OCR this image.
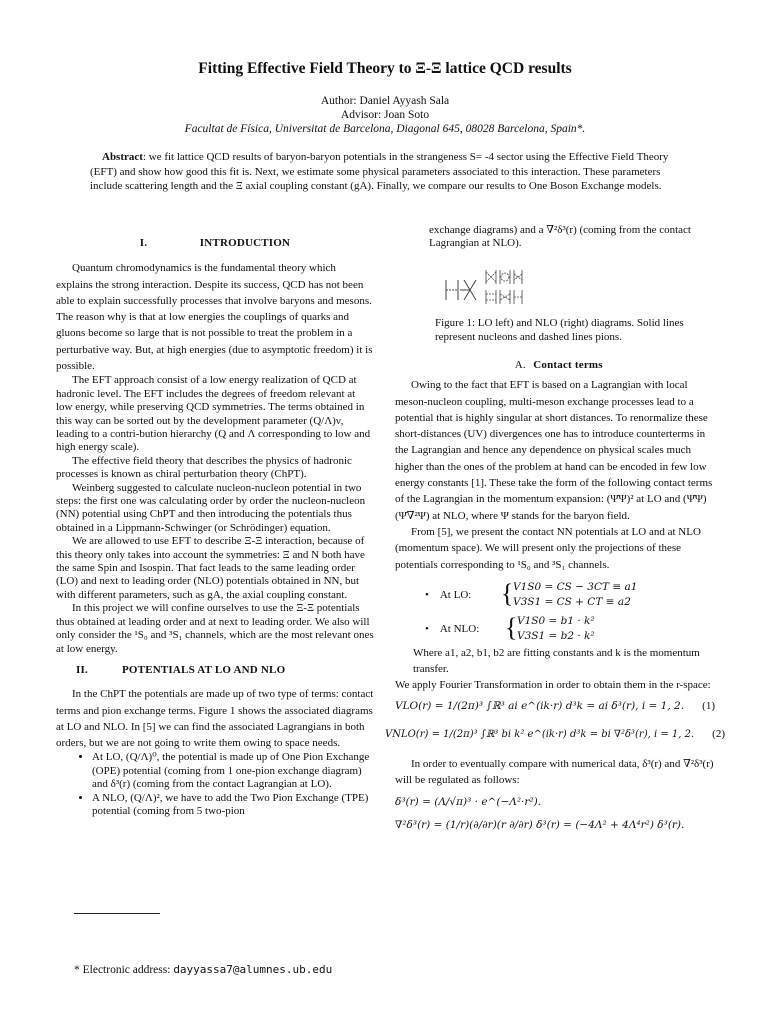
Fitting Effective Field Theory to Ξ-Ξ lattice QCD results
Author: Daniel Ayyash Sala
Advisor: Joan Soto
Facultat de Física, Universitat de Barcelona, Diagonal 645, 08028 Barcelona, Spain*.
Abstract: we fit lattice QCD results of baryon-baryon potentials in the strangeness S= -4 sector using the Effective Field Theory (EFT) and show how good this fit is. Next, we estimate some physical parameters associated to this interaction. These parameters include scattering length and the Ξ axial coupling constant (gA). Finally, we compare our results to One Boson Exchange models.
I.	INTRODUCTION

Quantum chromodynamics is the fundamental theory which explains the strong interaction. Despite its success, QCD has not been able to explain successfully processes that involve baryons and mesons. The reason why is that at low energies the couplings of quarks and gluons become so large that is not possible to treat the problem in a perturbative way. But, at high energies (due to asymptotic freedom) it is possible.

The EFT approach consist of a low energy realization of QCD at hadronic level. The EFT includes the degrees of freedom relevant at low energy, while preserving QCD symmetries. The terms obtained in this way can be sorted out by the development parameter (Q/Λ)ν, leading to a contri-bution hierarchy (Q and Λ corresponding to low and high energy scale).

The effective field theory that describes the physics of hadronic processes is known as chiral perturbation theory (ChPT).

Weinberg suggested to calculate nucleon-nucleon potential in two steps: the first one was calculating order by order the nucleon-nucleon (NN) potential using ChPT and then introducing the potentials thus obtained in a Lippmann-Schwinger (or Schrödinger) equation.

We are allowed to use EFT to describe Ξ-Ξ interaction, because of this theory only takes into account the symmetries: Ξ and N both have the same Spin and Isospin. That fact leads to the same leading order (LO) and next to leading order (NLO) potentials obtained in NN, but with different parameters, such as gA, the axial coupling constant.

In this project we will confine ourselves to use the Ξ-Ξ potentials thus obtained at leading order and at next to leading order. We also will only consider the ¹S₀ and ³S₁ channels, which are the most relevant ones at low energy.

II.	POTENTIALS AT LO AND NLO

In the ChPT the potentials are made up of two type of terms: contact terms and pion exchange terms. Figure 1 shows the associated diagrams at LO and NLO. In [5] we can find the associated Lagrangians in both orders, but we are not going to write them owing to space needs.

• At LO, (Q/Λ)⁰, the potential is made up of One Pion Exchange (OPE) potential (coming from 1 one-pion exchange diagram) and δ³(r) (coming from the contact Lagrangian at LO).
• A NLO, (Q/Λ)², we have to add the Two Pion Exchange (TPE) potential (coming from 5 two-pion
* Electronic address: dayyassa7@alumnes.ub.edu

exchange diagrams) and a ∇²δ³(r) (coming from the contact Lagrangian at NLO).

Figure 1: LO left) and NLO (right) diagrams. Solid lines represent nucleons and dashed lines pions.
A. Contact terms

Owing to the fact that EFT is based on a Lagrangian with local meson-nucleon coupling, multi-meson exchange processes lead to a potential that is highly singular at short distances. To renormalize these short-distances (UV) divergences one has to introduce counterterms in the Lagrangian and hence any dependence on physical scales much higher than the ones of the problem at hand can be encoded in few low energy constants [1]. These take the form of the following contact terms of the Lagrangian in the momentum expansion: (Ψ̄Ψ)² at LO and (Ψ̄Ψ)(Ψ̄∇²Ψ) at NLO, where Ψ stands for the baryon field.

From [5], we present the contact NN potentials at LO and at NLO (momentum space). We will present only the projections of these potentials corresponding to ¹S₀ and ³S₁ channels.

•    At LO: { V1S0 = CS − 3CT ≡ a1
V3S1 = CS + CT ≡ a2
•    At NLO: { V1S0 = b1 · k²
V3S1 = b2 · k²

Where a1, a2, b1, b2 are fitting constants and k is the momentum transfer.

We apply Fourier Transformation in order to obtain them in the r-space:

VLO(r) = 1/(2π)³ ∫ℝ³ ai e^(ik·r) d³k = ai δ³(r), i = 1, 2. (1)
VNLO(r) = 1/(2π)³ ∫ℝ³ bi k² e^(ik·r) d³k = bi ∇²δ³(r), i = 1, 2. (2)

In order to eventually compare with numerical data, δ³(r) and ∇²δ³(r) will be regulated as follows:

δ³(r) = (Λ/√π)³ · e^(−Λ²·r²).
∇²δ³(r) = (1/r)(∂/∂r)(r ∂/∂r) δ³(r) = (−4Λ² + 4Λ⁴r²) δ³(r).
